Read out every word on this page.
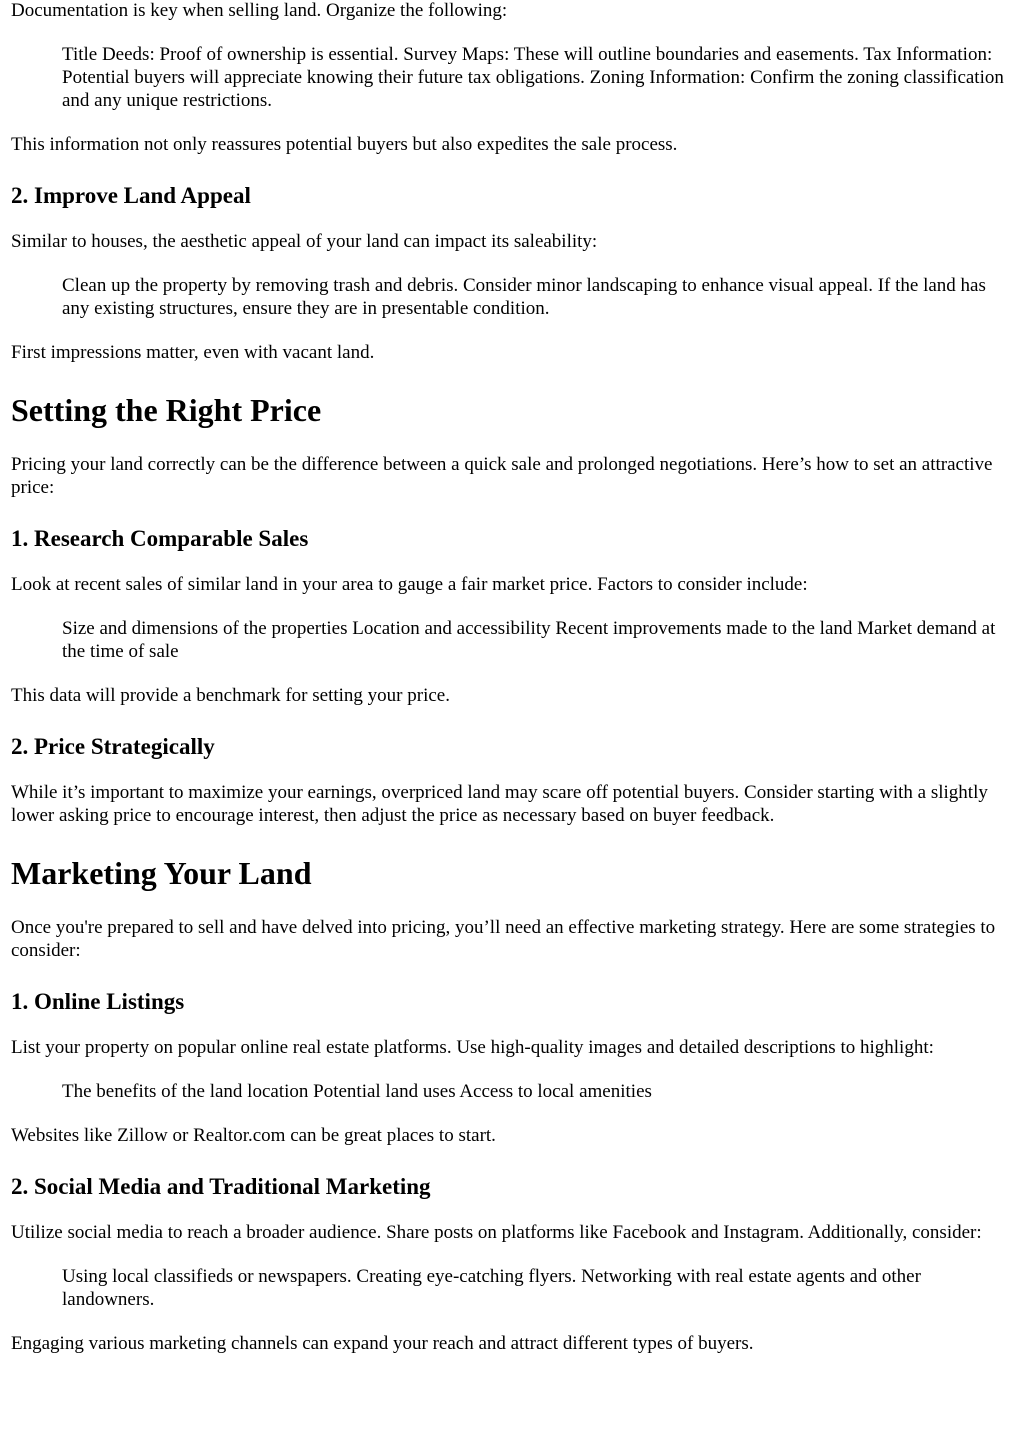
Documentation is key when selling land. Organize the following:

Title Deeds: Proof of ownership is essential. Survey Maps: These will outline boundaries and easements. Tax Information: Potential buyers will appreciate knowing their future tax obligations. Zoning Information: Confirm the zoning classification and any unique restrictions.

This information not only reassures potential buyers but also expedites the sale process.

2. Improve Land Appeal

Similar to houses, the aesthetic appeal of your land can impact its saleability:

Clean up the property by removing trash and debris. Consider minor landscaping to enhance visual appeal. If the land has any existing structures, ensure they are in presentable condition.

First impressions matter, even with vacant land.

Setting the Right Price

Pricing your land correctly can be the difference between a quick sale and prolonged negotiations. Here’s how to set an attractive price:

1. Research Comparable Sales

Look at recent sales of similar land in your area to gauge a fair market price. Factors to consider include:

Size and dimensions of the properties Location and accessibility Recent improvements made to the land Market demand at the time of sale

This data will provide a benchmark for setting your price.

2. Price Strategically

While it’s important to maximize your earnings, overpriced land may scare off potential buyers. Consider starting with a slightly lower asking price to encourage interest, then adjust the price as necessary based on buyer feedback.

Marketing Your Land

Once you're prepared to sell and have delved into pricing, you’ll need an effective marketing strategy. Here are some strategies to consider:

1. Online Listings

List your property on popular online real estate platforms. Use high-quality images and detailed descriptions to highlight:

The benefits of the land location Potential land uses Access to local amenities

Websites like Zillow or Realtor.com can be great places to start.

2. Social Media and Traditional Marketing

Utilize social media to reach a broader audience. Share posts on platforms like Facebook and Instagram. Additionally, consider:

Using local classifieds or newspapers. Creating eye-catching flyers. Networking with real estate agents and other landowners.

Engaging various marketing channels can expand your reach and attract different types of buyers.
